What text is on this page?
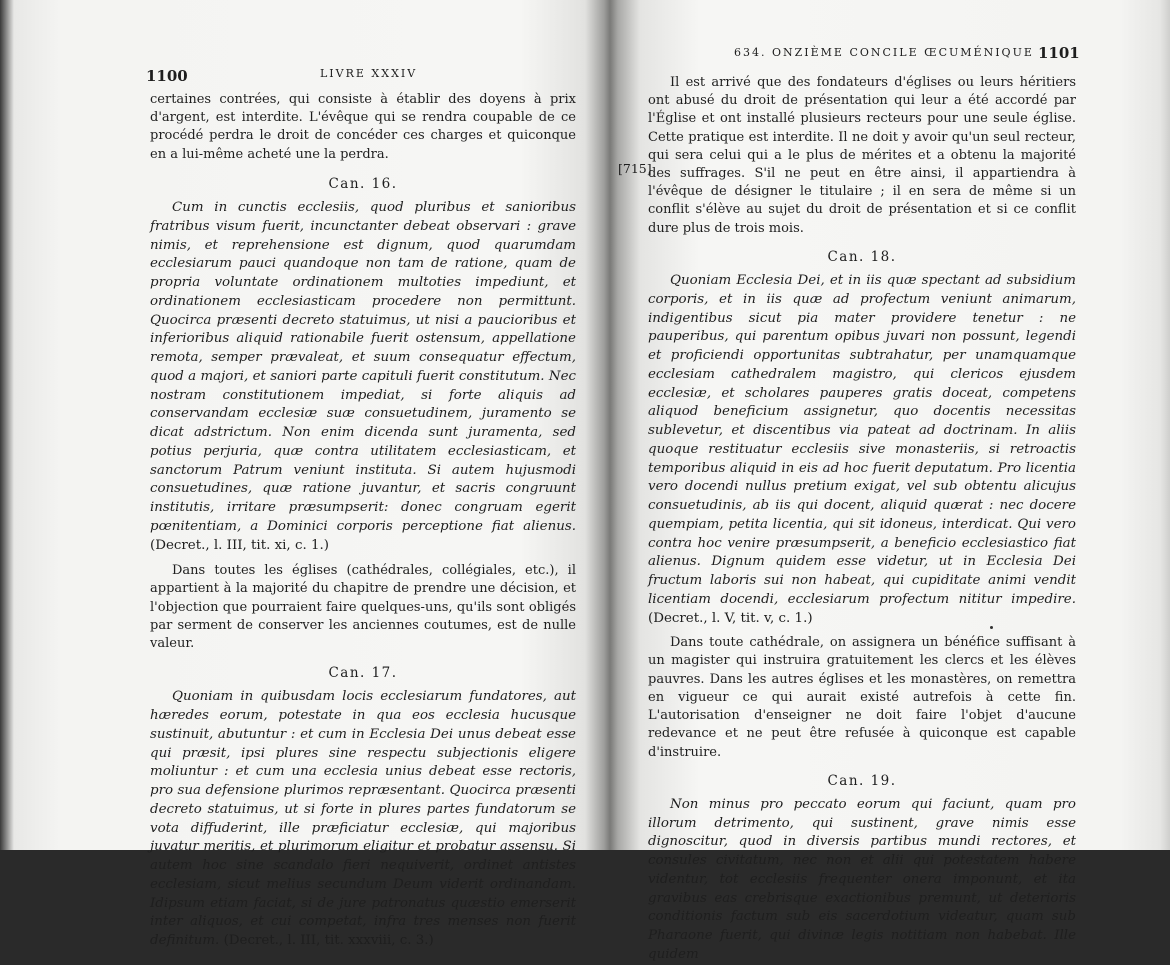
1100	LIVRE XXXIV

certaines contrées, qui consiste à établir des doyens à prix d'argent, est interdite. L'évêque qui se rendra coupable de ce procédé perdra le droit de concéder ces charges et quiconque en a lui-même acheté une la perdra.

Can. 16.

Cum in cunctis ecclesiis, quod pluribus et sanioribus fratribus visum fuerit, incunctanter debeat observari : grave nimis, et reprehensione est dignum, quod quarumdam ecclesiarum pauci quandoque non tam de ratione, quam de propria voluntate ordinationem multoties impediunt, et ordinationem ecclesiasticam procedere non permittunt. Quocirca præsenti decreto statuimus, ut nisi a paucioribus et inferioribus aliquid rationabile fuerit ostensum, appellatione remota, semper prævaleat, et suum consequatur effectum, quod a majori, et saniori parte capituli fuerit constitutum. Nec nostram constitutionem impediat, si forte aliquis ad conservandam ecclesiæ suæ consuetudinem, juramento se dicat adstrictum. Non enim dicenda sunt juramenta, sed potius perjuria, quæ contra utilitatem ecclesiasticam, et sanctorum Patrum veniunt instituta. Si autem hujusmodi consuetudines, quæ ratione juvantur, et sacris congruunt institutis, irritare præsumpserit: donec congruam egerit pœnitentiam, a Dominici corporis perceptione fiat alienus. (Decret., l. III, tit. xi, c. 1.)

Dans toutes les églises (cathédrales, collégiales, etc.), il appartient à la majorité du chapitre de prendre une décision, et l'objection que pourraient faire quelques-uns, qu'ils sont obligés par serment de conserver les anciennes coutumes, est de nulle valeur.

Can. 17.

Quoniam in quibusdam locis ecclesiarum fundatores, aut hæredes eorum, potestate in qua eos ecclesia hucusque sustinuit, abutuntur : et cum in Ecclesia Dei unus debeat esse qui præsit, ipsi plures sine respectu subjectionis eligere moliuntur : et cum una ecclesia unius debeat esse rectoris, pro sua defensione plurimos repræsentant. Quocirca præsenti decreto statuimus, ut si forte in plures partes fundatorum se vota diffuderint, ille præficiatur ecclesiæ, qui majoribus juvatur meritis, et plurimorum eligitur et probatur assensu. Si autem hoc sine scandalo fieri nequiverit, ordinet antistes ecclesiam, sicut melius secundum Deum viderit ordinandam. Idipsum etiam faciat, si de jure patronatus quæstio emerserit inter aliquos, et cui competat, infra tres menses non fuerit definitum. (Decret., l. III, tit. xxxviii, c. 3.)

634. ONZIÈME CONCILE ŒCUMÉNIQUE 1101
[715]

Il est arrivé que des fondateurs d'églises ou leurs héritiers ont abusé du droit de présentation qui leur a été accordé par l'Église et ont installé plusieurs recteurs pour une seule église. Cette pratique est interdite. Il ne doit y avoir qu'un seul recteur, qui sera celui qui a le plus de mérites et a obtenu la majorité des suffrages. S'il ne peut en être ainsi, il appartiendra à l'évêque de désigner le titulaire ; il en sera de même si un conflit s'élève au sujet du droit de présentation et si ce conflit dure plus de trois mois.

Can. 18.

Quoniam Ecclesia Dei, et in iis quæ spectant ad subsidium corporis, et in iis quæ ad profectum veniunt animarum, indigentibus sicut pia mater providere tenetur : ne pauperibus, qui parentum opibus juvari non possunt, legendi et proficiendi opportunitas subtrahatur, per unamquamque ecclesiam cathedralem magistro, qui clericos ejusdem ecclesiæ, et scholares pauperes gratis doceat, competens aliquod beneficium assignetur, quo docentis necessitas sublevetur, et discentibus via pateat ad doctrinam. In aliis quoque restituatur ecclesiis sive monasteriis, si retroactis temporibus aliquid in eis ad hoc fuerit deputatum. Pro licentia vero docendi nullus pretium exigat, vel sub obtentu alicujus consuetudinis, ab iis qui docent, aliquid quærat : nec docere quempiam, petita licentia, qui sit idoneus, interdicat. Qui vero contra hoc venire præsumpserit, a beneficio ecclesiastico fiat alienus. Dignum quidem esse videtur, ut in Ecclesia Dei fructum laboris sui non habeat, qui cupiditate animi vendit licentiam docendi, ecclesiarum profectum nititur impedire. (Decret., l. V, tit. v, c. 1.)

Dans toute cathédrale, on assignera un bénéfice suffisant à un magister qui instruira gratuitement les clercs et les élèves pauvres. Dans les autres églises et les monastères, on remettra en vigueur ce qui aurait existé autrefois à cette fin. L'autorisation d'enseigner ne doit faire l'objet d'aucune redevance et ne peut être refusée à quiconque est capable d'instruire.

Can. 19.

Non minus pro peccato eorum qui faciunt, quam pro illorum detrimento, qui sustinent, grave nimis esse dignoscitur, quod in diversis partibus mundi rectores, et consules civitatum, nec non et alii qui potestatem habere videntur, tot ecclesiis frequenter onera imponunt, et ita gravibus eas crebrisque exactionibus premunt, ut deterioris conditionis factum sub eis sacerdotium videatur, quam sub Pharaone fuerit, qui divinæ legis notitiam non habebat. Ille quidem
